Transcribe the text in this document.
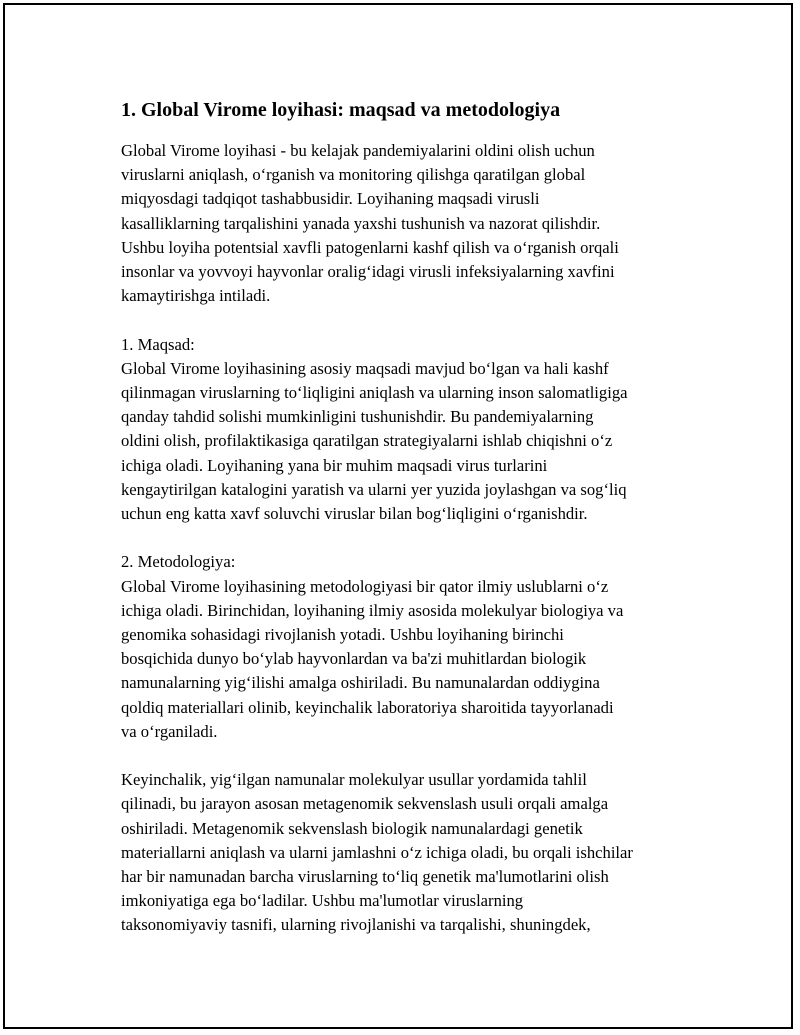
1. Global Virome loyihasi: maqsad va metodologiya
Global Virome loyihasi - bu kelajak pandemiyalarini oldini olish uchun
viruslarni aniqlash, o‘rganish va monitoring qilishga qaratilgan global
miqyosdagi tadqiqot tashabbusidir. Loyihaning maqsadi virusli
kasalliklarning tarqalishini yanada yaxshi tushunish va nazorat qilishdir.
Ushbu loyiha potentsial xavfli patogenlarni kashf qilish va o‘rganish orqali
insonlar va yovvoyi hayvonlar oralig‘idagi virusli infeksiyalarning xavfini
kamaytirishga intiladi.
1. Maqsad:
Global Virome loyihasining asosiy maqsadi mavjud bo‘lgan va hali kashf
qilinmagan viruslarning to‘liqligini aniqlash va ularning inson salomatligiga
qanday tahdid solishi mumkinligini tushunishdir. Bu pandemiyalarning
oldini olish, profilaktikasiga qaratilgan strategiyalarni ishlab chiqishni o‘z
ichiga oladi. Loyihaning yana bir muhim maqsadi virus turlarini
kengaytirilgan katalogini yaratish va ularni yer yuzida joylashgan va sog‘liq
uchun eng katta xavf soluvchi viruslar bilan bog‘liqligini o‘rganishdir.
2. Metodologiya:
Global Virome loyihasining metodologiyasi bir qator ilmiy uslublarni o‘z
ichiga oladi. Birinchidan, loyihaning ilmiy asosida molekulyar biologiya va
genomika sohasidagi rivojlanish yotadi. Ushbu loyihaning birinchi
bosqichida dunyo bo‘ylab hayvonlardan va ba'zi muhitlardan biologik
namunalarning yig‘ilishi amalga oshiriladi. Bu namunalardan oddiygina
qoldiq materiallari olinib, keyinchalik laboratoriya sharoitida tayyorlanadi
va o‘rganiladi.
Keyinchalik, yig‘ilgan namunalar molekulyar usullar yordamida tahlil
qilinadi, bu jarayon asosan metagenomik sekvenslash usuli orqali amalga
oshiriladi. Metagenomik sekvenslash biologik namunalardagi genetik
materiallarni aniqlash va ularni jamlashni o‘z ichiga oladi, bu orqali ishchilar
har bir namunadan barcha viruslarning to‘liq genetik ma'lumotlarini olish
imkoniyatiga ega bo‘ladilar. Ushbu ma'lumotlar viruslarning
taksonomiyaviy tasnifi, ularning rivojlanishi va tarqalishi, shuningdek,
